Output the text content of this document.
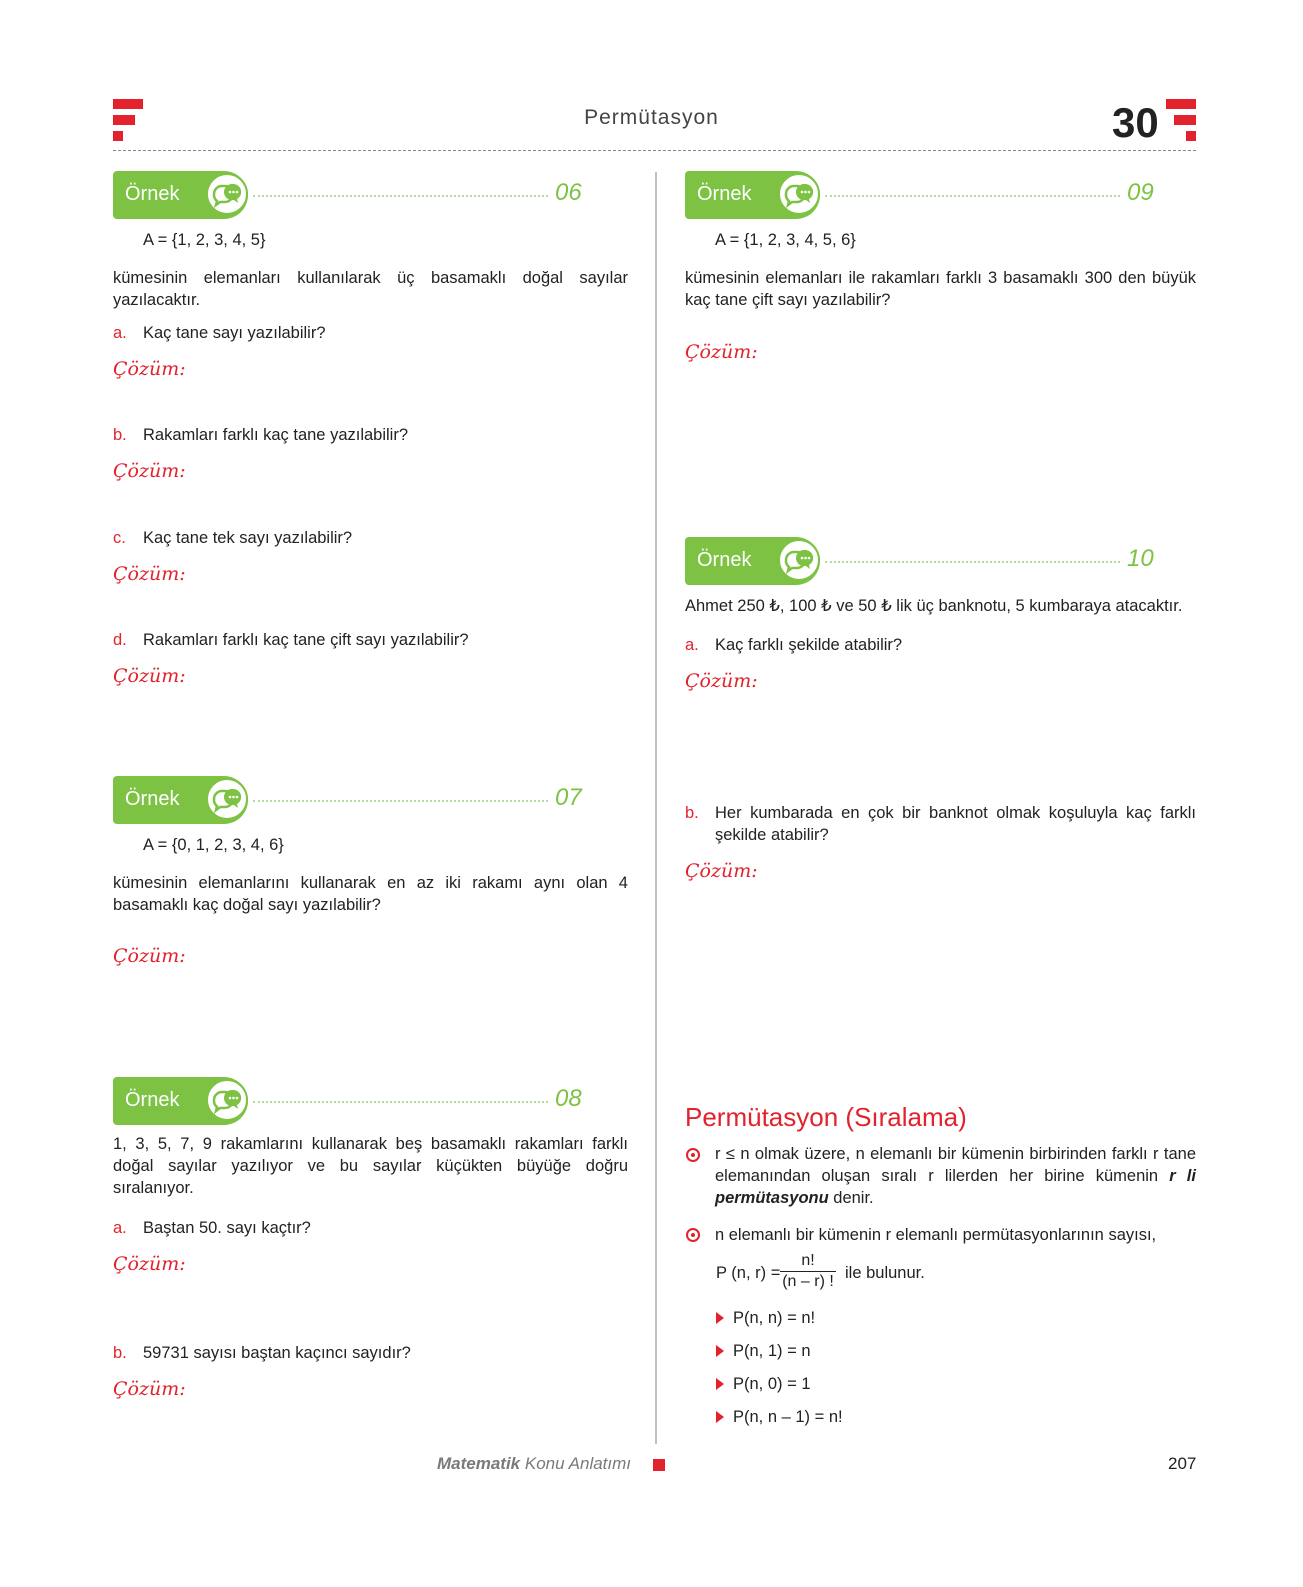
Permütasyon	30
Örnek	06
A = {1, 2, 3, 4, 5}
kümesinin elemanları kullanılarak üç basamaklı doğal sayılar yazılacaktır.
a. Kaç tane sayı yazılabilir?
Çözüm:
b. Rakamları farklı kaç tane yazılabilir?
Çözüm:
c. Kaç tane tek sayı yazılabilir?
Çözüm:
d. Rakamları farklı kaç tane çift sayı yazılabilir?
Çözüm:
Örnek	07
A = {0, 1, 2, 3, 4, 6}
kümesinin elemanlarını kullanarak en az iki rakamı aynı olan 4 basamaklı kaç doğal sayı yazılabilir?
Çözüm:
Örnek	08
1, 3, 5, 7, 9 rakamlarını kullanarak beş basamaklı rakamları farklı doğal sayılar yazılıyor ve bu sayılar küçükten büyüğe doğru sıralanıyor.
a. Baştan 50. sayı kaçtır?
Çözüm:
b. 59731 sayısı baştan kaçıncı sayıdır?
Çözüm:
Örnek	09
A = {1, 2, 3, 4, 5, 6}
kümesinin elemanları ile rakamları farklı 3 basamaklı 300 den büyük kaç tane çift sayı yazılabilir?
Çözüm:
Örnek	10
Ahmet 250 ₺, 100 ₺ ve 50 ₺ lik üç banknotu, 5 kumbaraya atacaktır.
a. Kaç farklı şekilde atabilir?
Çözüm:
b. Her kumbarada en çok bir banknot olmak koşuluyla kaç farklı şekilde atabilir?
Çözüm:
Permütasyon (Sıralama)
r ≤ n olmak üzere, n elemanlı bir kümenin birbirinden farklı r tane elemanından oluşan sıralı r lilerden her birine kümenin r li permütasyonu denir.
n elemanlı bir kümenin r elemanlı permütasyonlarının sayısı,
P (n, $r) = \frac{n!}{(n - r) !}$ ile bulunur.
P(n, n) = n!
P(n, 1) = n
P(n, 0) = 1
P(n, n – 1) = n!
Matematik Konu Anlatımı	207
